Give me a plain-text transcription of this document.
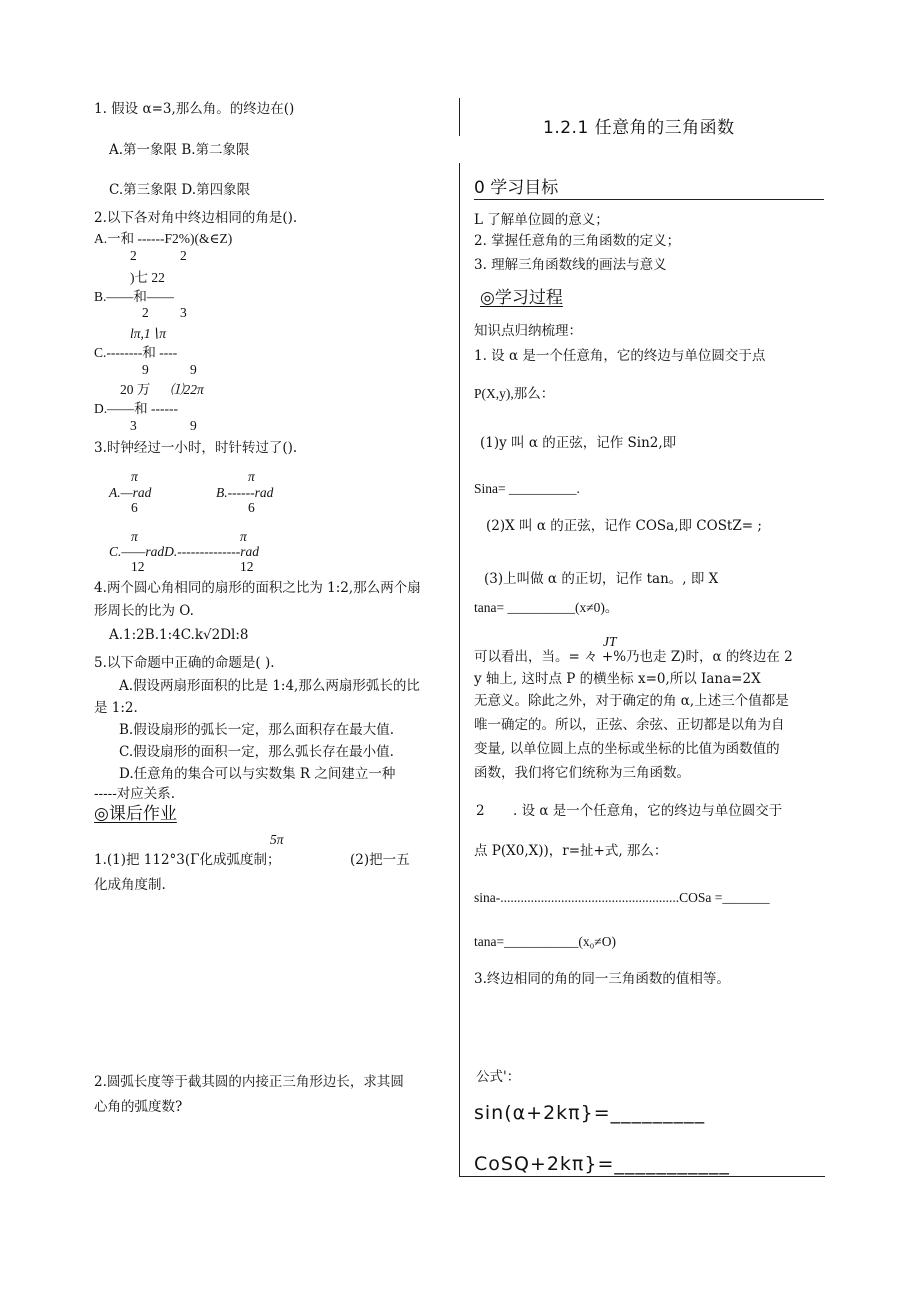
1. 假设 α=3,那么角。的终边在()
A.第一象限 B.第二象限
C.第三象限 D.第四象限
2.以下各对角中终边相同的角是().
A.一和 ------F2%)(&∈Z)
2	2
)七 22
B.——和——
2 3
lπ,1∖π
C.--------和 ----
9	9
20 万 ⑴22π
D.——和 ------
3	9
3.时钟经过一小时，时针转过了().
π	π
A.—rad	B.------rad
6	6
π	π
C.——radD.--------------rad
12	12
4.两个圆心角相同的扇形的面积之比为 1:2,那么两个扇
形周长的比为 O.
A.1:2B.1:4C.k√2Dl:8
5.以下命题中正确的命题是( ).
A.假设两扇形面积的比是 1:4,那么两扇形弧长的比
是 1:2.
B.假设扇形的弧长一定，那么面积存在最大值.
C.假设扇形的面积一定，那么弧长存在最小值.
D.任意角的集合可以与实数集 R 之间建立一种
-----对应关系.
◎课后作业
5π
1.(1)把 112°3(Γ化成弧度制；	(2)把一五
化成角度制.
2.圆弧长度等于截其圆的内接正三角形边长，求其圆
心角的弧度数?
1.2.1 任意角的三角函数
0 学习目标
L 了解单位圆的意义；
2. 掌握任意角的三角函数的定义；
3. 理解三角函数线的画法与意义
◎学习过程
知识点归纳梳理：
1. 设 α 是一个任意角，它的终边与单位圆交于点
P(X,y),那么：
(1)y 叫 α 的正弦，记作 Sin2,即
Sina= __________.
(2)X 叫 α 的正弦，记作 COSa,即 COStZ= ;
(3)上叫做 α 的正切，记作 tan。, 即 X
tana= __________(x≠0)。
JT
可以看出，当。= 々 +%乃也走 Z)时，α 的终边在 2
y 轴上, 这时点 P 的横坐标 x=0,所以 Iana=2X
无意义。除此之外，对于确定的角 α,上述三个值都是
唯一确定的。所以，正弦、余弦、正切都是以角为自
变量, 以单位圆上点的坐标或坐标的比值为函数值的
函数，我们将它们统称为三角函数。
2 . 设 α 是一个任意角，它的终边与单位圆交于
点 P(X0,X))，r=扯+式, 那么：
sina-.....................................................COSa =_______
tana=___________(x₀≠O)
3.终边相同的角的同一三角函数的值相等。
公式'：
sin(α+2kπ}=_________
CoSQ+2kπ}=___________
